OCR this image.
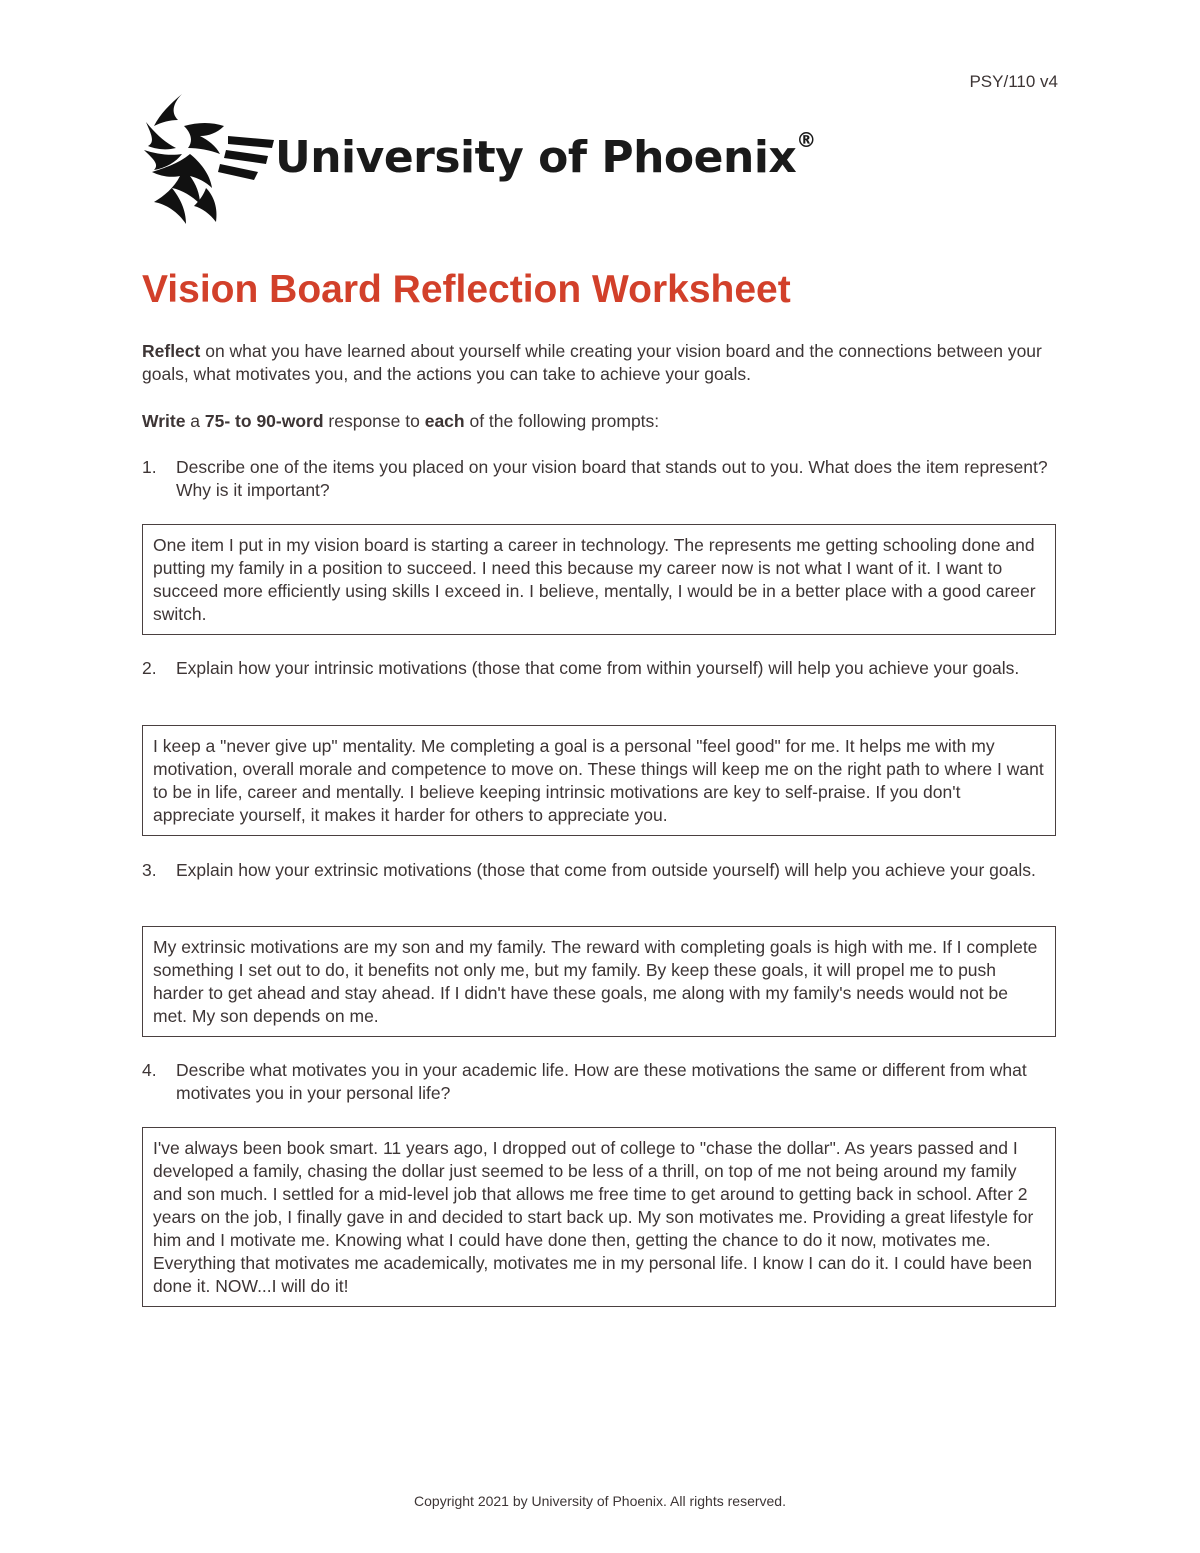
PSY/110 v4
University of Phoenix®
Vision Board Reflection Worksheet

Reflect on what you have learned about yourself while creating your vision board and the connections between your goals, what motivates you, and the actions you can take to achieve your goals.

Write a 75- to 90-word response to each of the following prompts:

1.	Describe one of the items you placed on your vision board that stands out to you. What does the item represent? Why is it important?
One item I put in my vision board is starting a career in technology. The represents me getting schooling done and putting my family in a position to succeed. I need this because my career now is not what I want of it. I want to succeed more efficiently using skills I exceed in. I believe, mentally, I would be in a better place with a good career switch.
2.	Explain how your intrinsic motivations (those that come from within yourself) will help you achieve your goals.
I keep a "never give up" mentality. Me completing a goal is a personal "feel good" for me. It helps me with my motivation, overall morale and competence to move on. These things will keep me on the right path to where I want to be in life, career and mentally. I believe keeping intrinsic motivations are key to self-praise. If you don't appreciate yourself, it makes it harder for others to appreciate you.
3.	Explain how your extrinsic motivations (those that come from outside yourself) will help you achieve your goals.
My extrinsic motivations are my son and my family. The reward with completing goals is high with me. If I complete something I set out to do, it benefits not only me, but my family. By keep these goals, it will propel me to push harder to get ahead and stay ahead. If I didn't have these goals, me along with my family's needs would not be met. My son depends on me.
4.	Describe what motivates you in your academic life. How are these motivations the same or different from what motivates you in your personal life?
I've always been book smart. 11 years ago, I dropped out of college to "chase the dollar". As years passed and I developed a family, chasing the dollar just seemed to be less of a thrill, on top of me not being around my family and son much. I settled for a mid-level job that allows me free time to get around to getting back in school. After 2 years on the job, I finally gave in and decided to start back up. My son motivates me. Providing a great lifestyle for him and I motivate me. Knowing what I could have done then, getting the chance to do it now, motivates me. Everything that motivates me academically, motivates me in my personal life. I know I can do it. I could have been done it. NOW...I will do it!
Copyright 2021 by University of Phoenix. All rights reserved.
